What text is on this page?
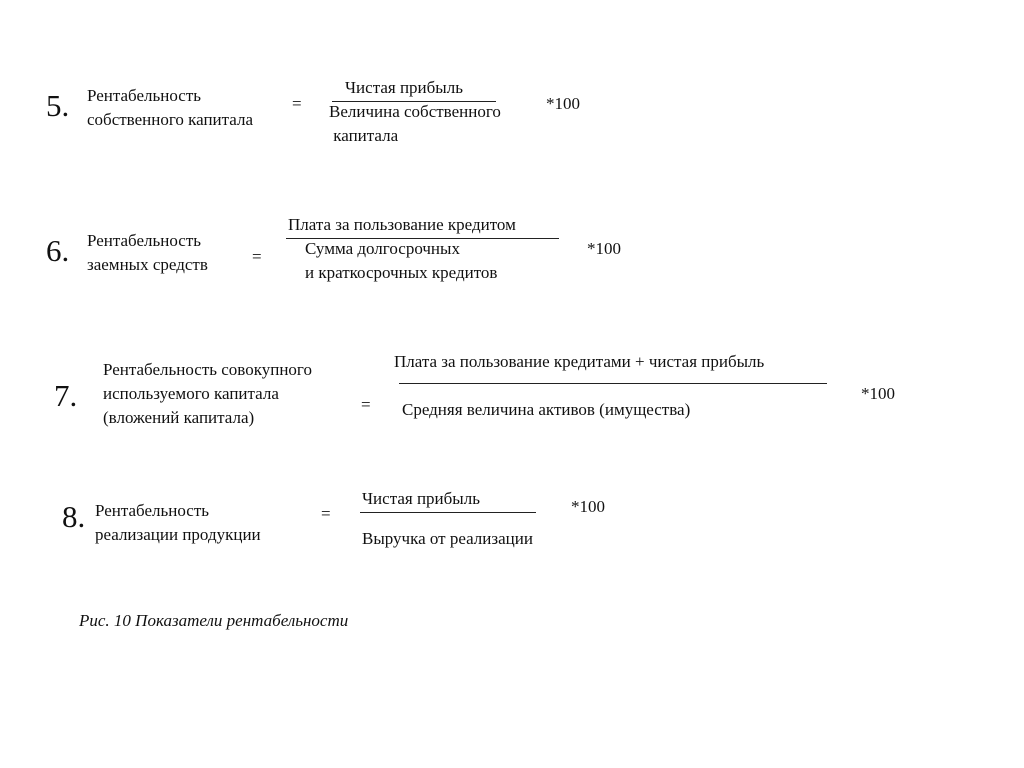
5. Рентабельность
собственного капитала
=
Чистая прибыль
Величина собственного
капитала
*100
6. Рентабельность
заемных средств	=
Плата за пользование кредитом
Сумма долгосрочных
и краткосрочных кредитов
*100
7.
Рентабельность совокупного
используемого капитала
(вложений капитала)
=
Плата за пользование кредитами + чистая прибыль
Средняя величина активов (имущества)
*100
8. Рентабельность
реализации продукции
=
Чистая прибыль
Выручка от реализации
*100
Рис. 10 Показатели рентабельности
